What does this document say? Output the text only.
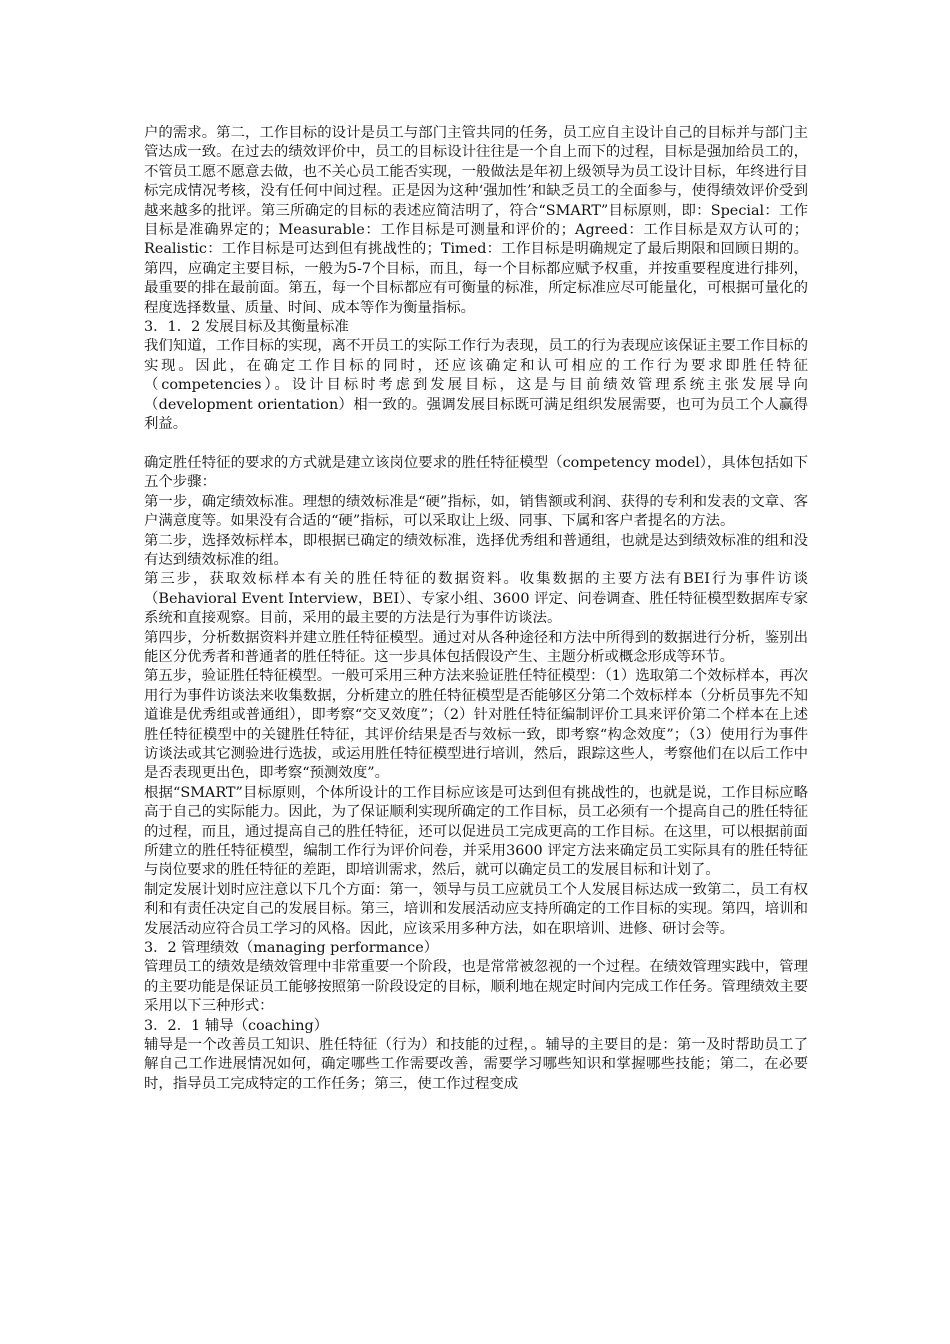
户的需求。第二，工作目标的设计是员工与部门主管共同的任务，员工应自主设计自己的目标并与部门主管达成一致。在过去的绩效评价中，员工的目标设计往往是一个自上而下的过程，目标是强加给员工的，不管员工愿不愿意去做，也不关心员工能否实现，一般做法是年初上级领导为员工设计目标，年终进行目标完成情况考核，没有任何中间过程。正是因为这种‘强加性’和缺乏员工的全面参与，使得绩效评价受到越来越多的批评。第三所确定的目标的表述应简洁明了，符合“SMART”目标原则，即：Special：工作目标是准确界定的；Measurable：工作目标是可测量和评价的；Agreed：工作目标是双方认可的；Realistic：工作目标是可达到但有挑战性的；Timed：工作目标是明确规定了最后期限和回顾日期的。第四，应确定主要目标，一般为5-7个目标，而且，每一个目标都应赋予权重，并按重要程度进行排列，最重要的排在最前面。第五，每一个目标都应有可衡量的标准，所定标准应尽可能量化，可根据可量化的程度选择数量、质量、时间、成本等作为衡量指标。

3．1．2 发展目标及其衡量标准

我们知道，工作目标的实现，离不开员工的实际工作行为表现，员工的行为表现应该保证主要工作目标的实现。因此，在确定工作目标的同时，还应该确定和认可相应的工作行为要求即胜任特征（competencies）。设计目标时考虑到发展目标，这是与目前绩效管理系统主张发展导向（development orientation）相一致的。强调发展目标既可满足组织发展需要，也可为员工个人赢得利益。

确定胜任特征的要求的方式就是建立该岗位要求的胜任特征模型（competency model），具体包括如下五个步骤：

第一步，确定绩效标准。理想的绩效标准是“硬”指标，如，销售额或利润、获得的专利和发表的文章、客户满意度等。如果没有合适的“硬”指标，可以采取让上级、同事、下属和客户者提名的方法。

第二步，选择效标样本，即根据已确定的绩效标准，选择优秀组和普通组，也就是达到绩效标准的组和没有达到绩效标准的组。

第三步，获取效标样本有关的胜任特征的数据资料。收集数据的主要方法有BEI行为事件访谈（Behavioral Event Interview，BEI）、专家小组、3600 评定、问卷调查、胜任特征模型数据库专家系统和直接观察。目前，采用的最主要的方法是行为事件访谈法。

第四步，分析数据资料并建立胜任特征模型。通过对从各种途径和方法中所得到的数据进行分析，鉴别出能区分优秀者和普通者的胜任特征。这一步具体包括假设产生、主题分析或概念形成等环节。

第五步，验证胜任特征模型。一般可采用三种方法来验证胜任特征模型：（1）选取第二个效标样本，再次用行为事件访谈法来收集数据，分析建立的胜任特征模型是否能够区分第二个效标样本（分析员事先不知道谁是优秀组或普通组），即考察“交叉效度”；（2）针对胜任特征编制评价工具来评价第二个样本在上述胜任特征模型中的关键胜任特征，其评价结果是否与效标一致，即考察“构念效度”；（3）使用行为事件访谈法或其它测验进行选拔，或运用胜任特征模型进行培训，然后，跟踪这些人，考察他们在以后工作中是否表现更出色，即考察“预测效度”。

根据“SMART”目标原则，个体所设计的工作目标应该是可达到但有挑战性的，也就是说，工作目标应略高于自己的实际能力。因此，为了保证顺利实现所确定的工作目标，员工必须有一个提高自己的胜任特征的过程，而且，通过提高自己的胜任特征，还可以促进员工完成更高的工作目标。在这里，可以根据前面所建立的胜任特征模型，编制工作行为评价问卷，并采用3600 评定方法来确定员工实际具有的胜任特征与岗位要求的胜任特征的差距，即培训需求，然后，就可以确定员工的发展目标和计划了。

制定发展计划时应注意以下几个方面：第一，领导与员工应就员工个人发展目标达成一致第二，员工有权利和有责任决定自己的发展目标。第三，培训和发展活动应支持所确定的工作目标的实现。第四，培训和发展活动应符合员工学习的风格。因此，应该采用多种方法，如在职培训、进修、研讨会等。

3．2 管理绩效（managing performance）

管理员工的绩效是绩效管理中非常重要一个阶段，也是常常被忽视的一个过程。在绩效管理实践中，管理的主要功能是保证员工能够按照第一阶段设定的目标，顺利地在规定时间内完成工作任务。管理绩效主要采用以下三种形式：

3．2．1 辅导（coaching）

辅导是一个改善员工知识、胜任特征（行为）和技能的过程，。辅导的主要目的是：第一及时帮助员工了解自己工作进展情况如何，确定哪些工作需要改善，需要学习哪些知识和掌握哪些技能；第二，在必要时，指导员工完成特定的工作任务；第三，使工作过程变成
